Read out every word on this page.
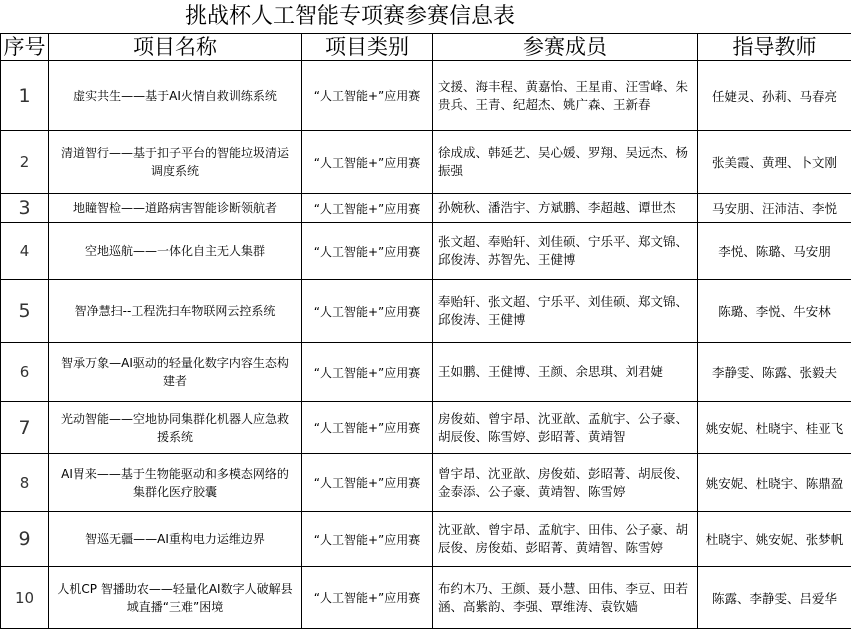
挑战杯人工智能专项赛参赛信息表
序号	项目名称	项目类别	参赛成员	指导教师
1	虚实共生——基于AI火情自救训练系统	“人工智能+”应用赛	文援、海丰程、黄嘉怡、王星甫、汪雪峰、朱贵兵、王青、纪超杰、姚广森、王新春	任婕灵、孙莉、马春亮
2	清道智行——基于扣子平台的智能垃圾清运调度系统	“人工智能+”应用赛	徐成成、韩延艺、吴心媛、罗翔、吴远杰、杨振强	张美霞、黄理、卜文刚
3	地瞳智检——道路病害智能诊断领航者	“人工智能+”应用赛	孙婉秋、潘浩宇、方斌鹏、李超越、谭世杰	马安朋、汪沛洁、李悦
4	空地巡航——一体化自主无人集群	“人工智能+”应用赛	张文超、奉贻轩、刘佳硕、宁乐平、郑文锦、邱俊涛、苏智先、王健博	李悦、陈璐、马安朋
5	智净慧扫--工程洗扫车物联网云控系统	“人工智能+”应用赛	奉贻轩、张文超、宁乐平、刘佳硕、郑文锦、邱俊涛、王健博	陈璐、李悦、牛安林
6	智承万象—AI驱动的轻量化数字内容生态构建者	“人工智能+”应用赛	王如鹏、王健博、王颜、余思琪、刘君婕	李静雯、陈露、张毅夫
7	光动智能——空地协同集群化机器人应急救援系统	“人工智能+”应用赛	房俊茹、曾宇昂、沈亚歆、孟航宇、公子豪、胡辰俊、陈雪婷、彭昭菁、黄靖智	姚安妮、杜晓宇、桂亚飞
8	AI胃来——基于生物能驱动和多模态网络的集群化医疗胶囊	“人工智能+”应用赛	曾宇昂、沈亚歆、房俊茹、彭昭菁、胡辰俊、金泰添、公子豪、黄靖智、陈雪婷	姚安妮、杜晓宇、陈鼎盈
9	智巡无疆——AI重构电力运维边界	“人工智能+”应用赛	沈亚歆、曾宇昂、孟航宇、田伟、公子豪、胡辰俊、房俊茹、彭昭菁、黄靖智、陈雪婷	杜晓宇、姚安妮、张梦帆
10	人机CP 智播助农——轻量化AI数字人破解县域直播“三难”困境	“人工智能+”应用赛	布约木乃、王颜、聂小慧、田伟、李豆、田若涵、高紫韵、李强、覃维涛、袁钦嫱	陈露、李静雯、吕爱华
